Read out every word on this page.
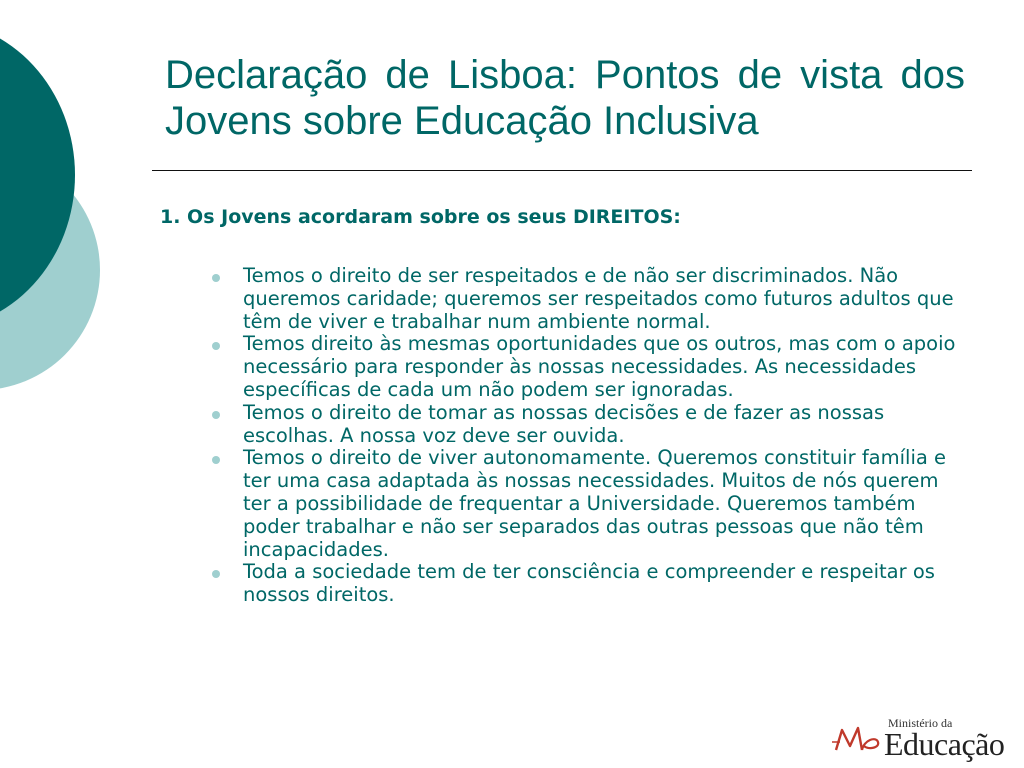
Declaração de Lisboa: Pontos de vista dos Jovens sobre Educação Inclusiva
1. Os Jovens acordaram sobre os seus DIREITOS:
Temos o direito de ser respeitados e de não ser discriminados. Não queremos caridade; queremos ser respeitados como futuros adultos que têm de viver e trabalhar num ambiente normal.
Temos direito às mesmas oportunidades que os outros, mas com o apoio necessário para responder às nossas necessidades. As necessidades específicas de cada um não podem ser ignoradas.
Temos o direito de tomar as nossas decisões e de fazer as nossas escolhas. A nossa voz deve ser ouvida.
Temos o direito de viver autonomamente. Queremos constituir família e ter uma casa adaptada às nossas necessidades. Muitos de nós querem ter a possibilidade de frequentar a Universidade. Queremos também poder trabalhar e não ser separados das outras pessoas que não têm incapacidades.
Toda a sociedade tem de ter consciência e compreender e respeitar os nossos direitos.
Ministério da
Educação
